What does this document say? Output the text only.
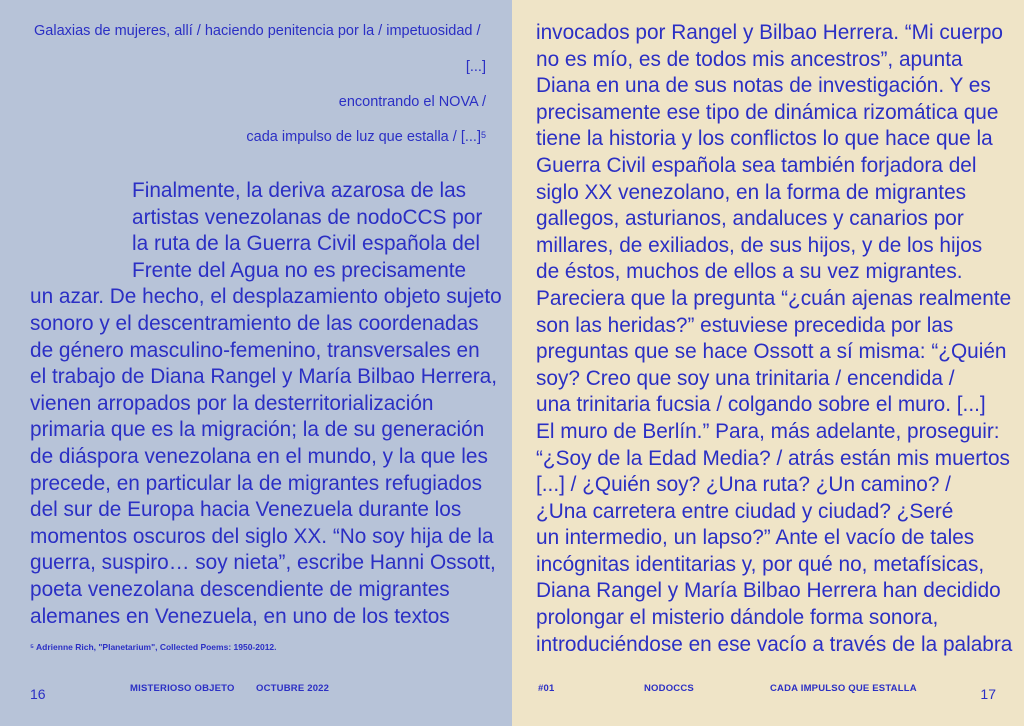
Galaxias de mujeres, allí / haciendo penitencia por la / impetuosidad /
[...]
encontrando el NOVA /
cada impulso de luz que estalla / [...]$^5$
Finalmente, la deriva azarosa de las
artistas venezolanas de nodoCCS por
la ruta de la Guerra Civil española del
Frente del Agua no es precisamente
un azar. De hecho, el desplazamiento objeto sujeto
sonoro y el descentramiento de las coordenadas
de género masculino-femenino, transversales en
el trabajo de Diana Rangel y María Bilbao Herrera,
vienen arropados por la desterritorialización
primaria que es la migración; la de su generación
de diáspora venezolana en el mundo, y la que les
precede, en particular la de migrantes refugiados
del sur de Europa hacia Venezuela durante los
momentos oscuros del siglo XX. “No soy hija de la
guerra, suspiro… soy nieta”, escribe Hanni Ossott,
poeta venezolana descendiente de migrantes
alemanes en Venezuela, en uno de los textos
⁵ Adrienne Rich, "Planetarium", Collected Poems: 1950-2012.
16	MISTERIOSO OBJETO OCTUBRE 2022
invocados por Rangel y Bilbao Herrera. “Mi cuerpo
no es mío, es de todos mis ancestros”, apunta
Diana en una de sus notas de investigación. Y es
precisamente ese tipo de dinámica rizomática que
tiene la historia y los conflictos lo que hace que la
Guerra Civil española sea también forjadora del
siglo XX venezolano, en la forma de migrantes
gallegos, asturianos, andaluces y canarios por
millares, de exiliados, de sus hijos, y de los hijos
de éstos, muchos de ellos a su vez migrantes.
Pareciera que la pregunta “¿cuán ajenas realmente
son las heridas?” estuviese precedida por las
preguntas que se hace Ossott a sí misma: “¿Quién
soy? Creo que soy una trinitaria / encendida /
una trinitaria fucsia / colgando sobre el muro. [...]
El muro de Berlín.” Para, más adelante, proseguir:
“¿Soy de la Edad Media? / atrás están mis muertos
[...] / ¿Quién soy? ¿Una ruta? ¿Un camino? /
¿Una carretera entre ciudad y ciudad? ¿Seré
un intermedio, un lapso?” Ante el vacío de tales
incógnitas identitarias y, por qué no, metafísicas,
Diana Rangel y María Bilbao Herrera han decidido
prolongar el misterio dándole forma sonora,
introduciéndose en ese vacío a través de la palabra
#01	NODOCCS	CADA IMPULSO QUE ESTALLA	17
